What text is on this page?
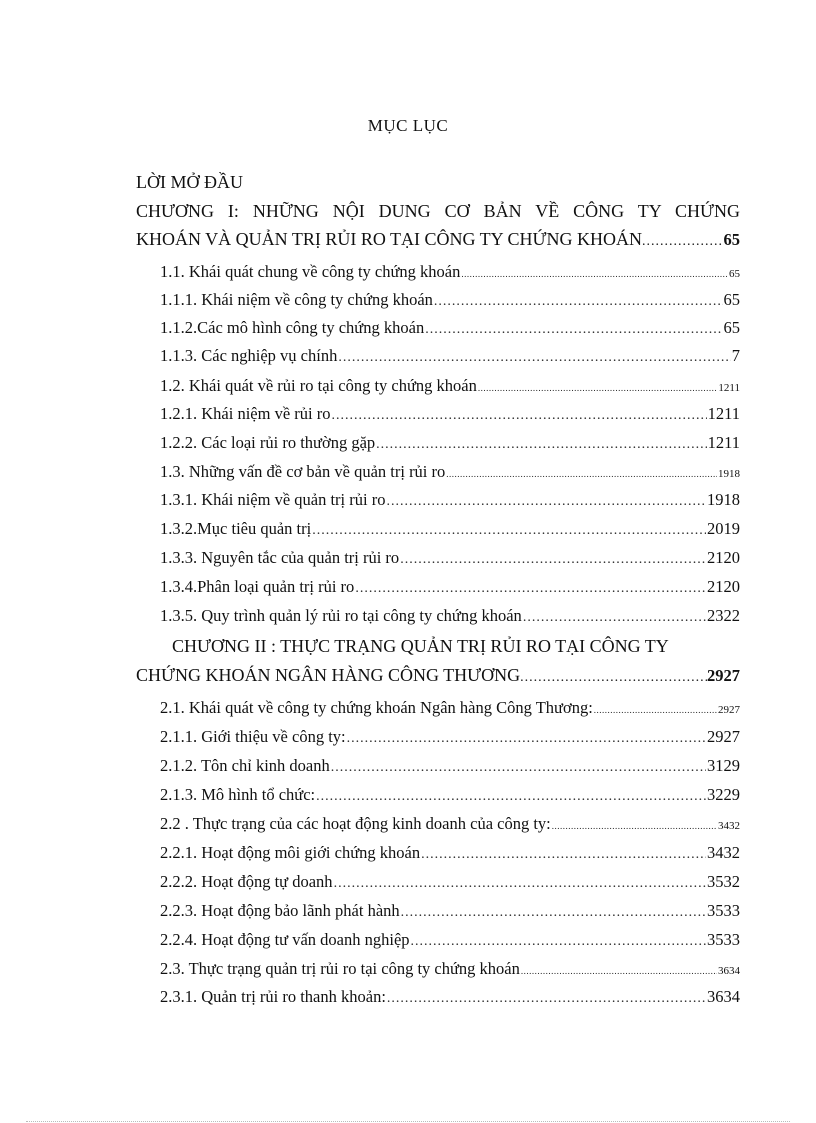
MỤC LỤC
LỜI MỞ ĐẦU
CHƯƠNG I: NHỮNG NỘI DUNG CƠ BẢN VỀ CÔNG TY CHỨNG
KHOÁN VÀ QUẢN TRỊ RỦI RO TẠI CÔNG TY CHỨNG KHOÁN .....	65
1.1. Khái quát chung về công ty chứng khoán .....	65
1.1.1. Khái niệm về công ty chứng khoán .....	65
1.1.2.Các mô hình công ty chứng khoán .....	65
1.1.3. Các nghiệp vụ chính .....	7
1.2. Khái quát về rủi ro tại công ty chứng khoán .....	1211
1.2.1. Khái niệm về rủi ro .....	1211
1.2.2. Các loại rủi ro thường gặp .....	1211
1.3. Những vấn đề cơ bản về quản trị rủi ro .....	1918
1.3.1. Khái niệm về quản trị rủi ro .....	1918
1.3.2.Mục tiêu quản trị .....	2019
1.3.3. Nguyên tắc của quản trị rủi ro .....	2120
1.3.4.Phân loại quản trị rủi ro .....	2120
1.3.5. Quy trình quản lý rủi ro tại công ty chứng khoán .....	2322
CHƯƠNG II : THỰC TRẠNG QUẢN TRỊ RỦI RO TẠI CÔNG TY
CHỨNG KHOÁN NGÂN HÀNG CÔNG THƯƠNG .....	2927
2.1. Khái quát về công ty chứng khoán Ngân hàng Công Thương: .....	2927
2.1.1. Giới thiệu về công ty: .....	2927
2.1.2. Tôn chỉ kinh doanh .....	3129
2.1.3. Mô hình tổ chức: .....	3229
2.2 . Thực trạng của các hoạt động kinh doanh của công ty: .....	3432
2.2.1. Hoạt động môi giới chứng khoán .....	3432
2.2.2. Hoạt động tự doanh .....	3532
2.2.3. Hoạt động bảo lãnh phát hành .....	3533
2.2.4. Hoạt động tư vấn doanh nghiệp .....	3533
2.3. Thực trạng quản trị rủi ro tại công ty chứng khoán .....	3634
2.3.1. Quản trị rủi ro thanh khoản: .....	3634
